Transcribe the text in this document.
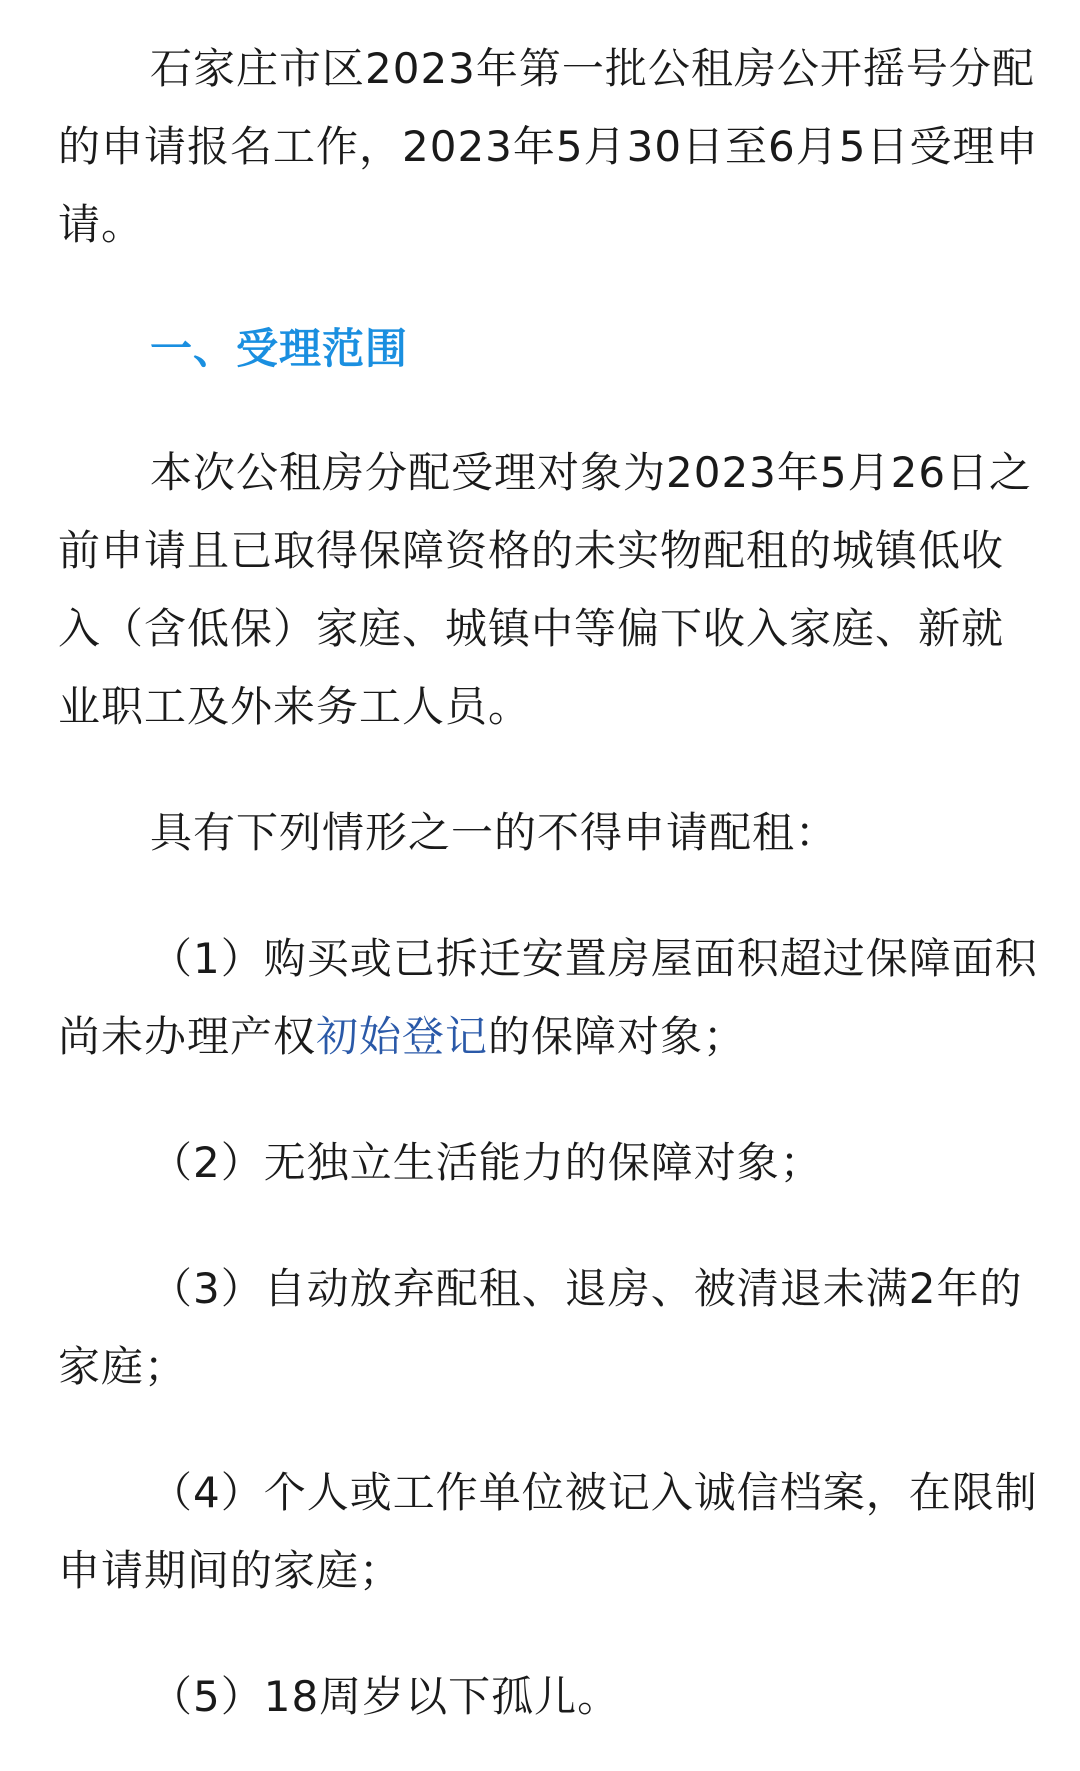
石家庄市区2023年第一批公租房公开摇号分配的申请报名工作，2023年5月30日至6月5日受理申请。

一、受理范围

本次公租房分配受理对象为2023年5月26日之前申请且已取得保障资格的未实物配租的城镇低收入（含低保）家庭、城镇中等偏下收入家庭、新就业职工及外来务工人员。

具有下列情形之一的不得申请配租：

（1）购买或已拆迁安置房屋面积超过保障面积尚未办理产权初始登记的保障对象；

（2）无独立生活能力的保障对象；

（3）自动放弃配租、退房、被清退未满2年的家庭；

（4）个人或工作单位被记入诚信档案，在限制申请期间的家庭；

（5）18周岁以下孤儿。
